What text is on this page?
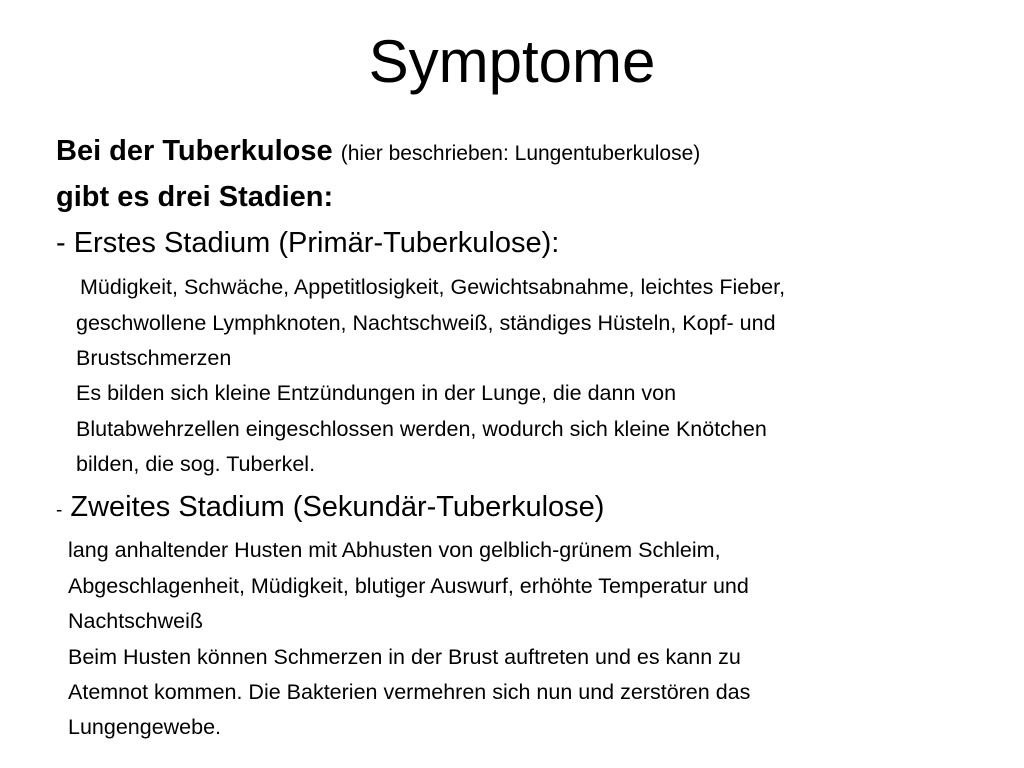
Symptome
Bei der Tuberkulose (hier beschrieben: Lungentuberkulose)
gibt es drei Stadien:
- Erstes Stadium (Primär-Tuberkulose):
Müdigkeit, Schwäche, Appetitlosigkeit, Gewichtsabnahme, leichtes Fieber,
geschwollene Lymphknoten, Nachtschweiß, ständiges Hüsteln, Kopf- und
Brustschmerzen
Es bilden sich kleine Entzündungen in der Lunge, die dann von
Blutabwehrzellen eingeschlossen werden, wodurch sich kleine Knötchen
bilden, die sog. Tuberkel.
- Zweites Stadium (Sekundär-Tuberkulose)
lang anhaltender Husten mit Abhusten von gelblich-grünem Schleim,
Abgeschlagenheit, Müdigkeit, blutiger Auswurf, erhöhte Temperatur und
Nachtschweiß
Beim Husten können Schmerzen in der Brust auftreten und es kann zu
Atemnot kommen. Die Bakterien vermehren sich nun und zerstören das
Lungengewebe.
